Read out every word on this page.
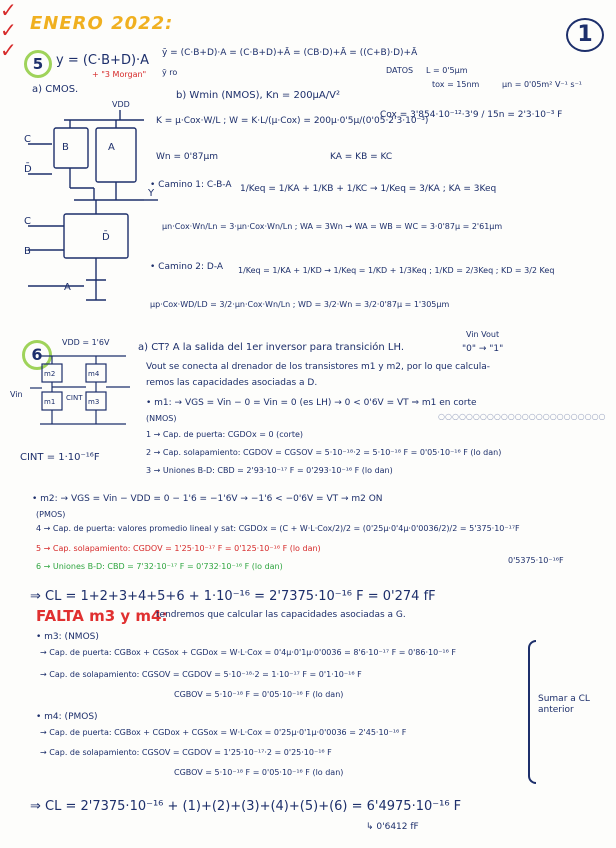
ENERO 2022:	1
5 y = (C·B+D)·A ȳ = (C·B+D)·A = (C·B+D)+Ā = (CB·D)+Ā = ((C+B)·D)+Ā
+ "3 Morgan" ȳ ro
a) CMOS.
DATOS L = 0'5μm
tox = 15nm	μn = 0'05m² V⁻¹ s⁻¹
b) Wmin (NMOS), Kn = 200μA/V²
K = μ·Cox·W/L ; W = K·L/(μ·Cox) = 200μ·0'5μ/(0'05·2'3·10⁻³)
Cox = 3'854·10⁻¹²·3'9 / 15n = 2'3·10⁻³ F
✓
VDD
C
D̄
B	A
C
B
D̄
A
Y
Wn = 0'87μm	KA = KB = KC
• Camino 1: C-B-A 1/Keq = 1/KA + 1/KB + 1/KC → 1/Keq = 3/KA ; KA = 3Keq
μn·Cox·Wn/Ln = 3·μn·Cox·Wn/Ln ; WA = 3Wn → WA = WB = WC = 3·0'87μ = 2'61μm
• Camino 2: D-A 1/Keq = 1/KA + 1/KD → 1/Keq = 1/KD + 1/3Keq ; 1/KD = 2/3Keq ; KD = 3/2 Keq
μp·Cox·WD/LD = 3/2·μn·Cox·Wn/Ln ; WD = 3/2·Wn = 3/2·0'87μ = 1'305μm
✓
6
VDD = 1'6V
Vin
m2
m1
m4
m3
CINT
CINT = 1·10⁻¹⁶F
a) CT? A la salida del 1er inversor para transición LH.
Vin Vout
"0" → "1"
Vout se conecta al drenador de los transistores m1 y m2, por lo que calcula-
remos las capacidades asociadas a D.
• m1: → VGS = Vin − 0 = Vin = 0 (es LH) → 0 < 0'6V = VT ⇒ m1 en corte
(NMOS)	○○○○○○○○○○○○○○○○○○○○○○○○
1 → Cap. de puerta: CGDOx = 0 (corte)
2 → Cap. solapamiento: CGDOV = CGSOV = 5·10⁻¹⁸·2 = 5·10⁻¹⁸ F = 0'05·10⁻¹⁶ F (lo dan)
3 → Uniones B-D: CBD = 2'93·10⁻¹⁷ F = 0'293·10⁻¹⁶ F (lo dan)
• m2: → VGS = Vin − VDD = 0 − 1'6 = −1'6V → −1'6 < −0'6V = VT → m2 ON
(PMOS)
4 → Cap. de puerta: valores promedio lineal y sat: CGDOx = (C + W·L·Cox/2)/2 = (0'25μ·0'4μ·0'0036/2)/2 = 5'375·10⁻¹⁷F
0'5375·10⁻¹⁶F
5 → Cap. solapamiento: CGDOV = 1'25·10⁻¹⁷ F = 0'125·10⁻¹⁶ F (lo dan)
6 → Uniones B-D: CBD = 7'32·10⁻¹⁷ F = 0'732·10⁻¹⁶ F (lo dan)
⇒ CL = 1+2+3+4+5+6 + 1·10⁻¹⁶ = 2'7375·10⁻¹⁶ F = 0'274 fF
FALTA m3 y m4:
tendremos que calcular las capacidades asociadas a G.
• m3: (NMOS)
→ Cap. de puerta: CGBox + CGSox + CGDox = W·L·Cox = 0'4μ·0'1μ·0'0036 = 8'6·10⁻¹⁷ F = 0'86·10⁻¹⁶ F
→ Cap. de solapamiento: CGSOV = CGDOV = 5·10⁻¹⁸·2 = 1·10⁻¹⁷ F = 0'1·10⁻¹⁶ F
CGBOV = 5·10⁻¹⁸ F = 0'05·10⁻¹⁶ F (lo dan)
• m4: (PMOS)
→ Cap. de puerta: CGBox + CGDox + CGSox = W·L·Cox = 0'25μ·0'1μ·0'0036 = 2'45·10⁻¹⁶ F
→ Cap. de solapamiento: CGSOV = CGDOV = 1'25·10⁻¹⁷·2 = 0'25·10⁻¹⁶ F
CGBOV = 5·10⁻¹⁸ F = 0'05·10⁻¹⁶ F (lo dan)
Sumar a CL anterior
⇒ CL = 2'7375·10⁻¹⁶ + (1)+(2)+(3)+(4)+(5)+(6) = 6'4975·10⁻¹⁶ F
✓
↳ 0'6412 fF
